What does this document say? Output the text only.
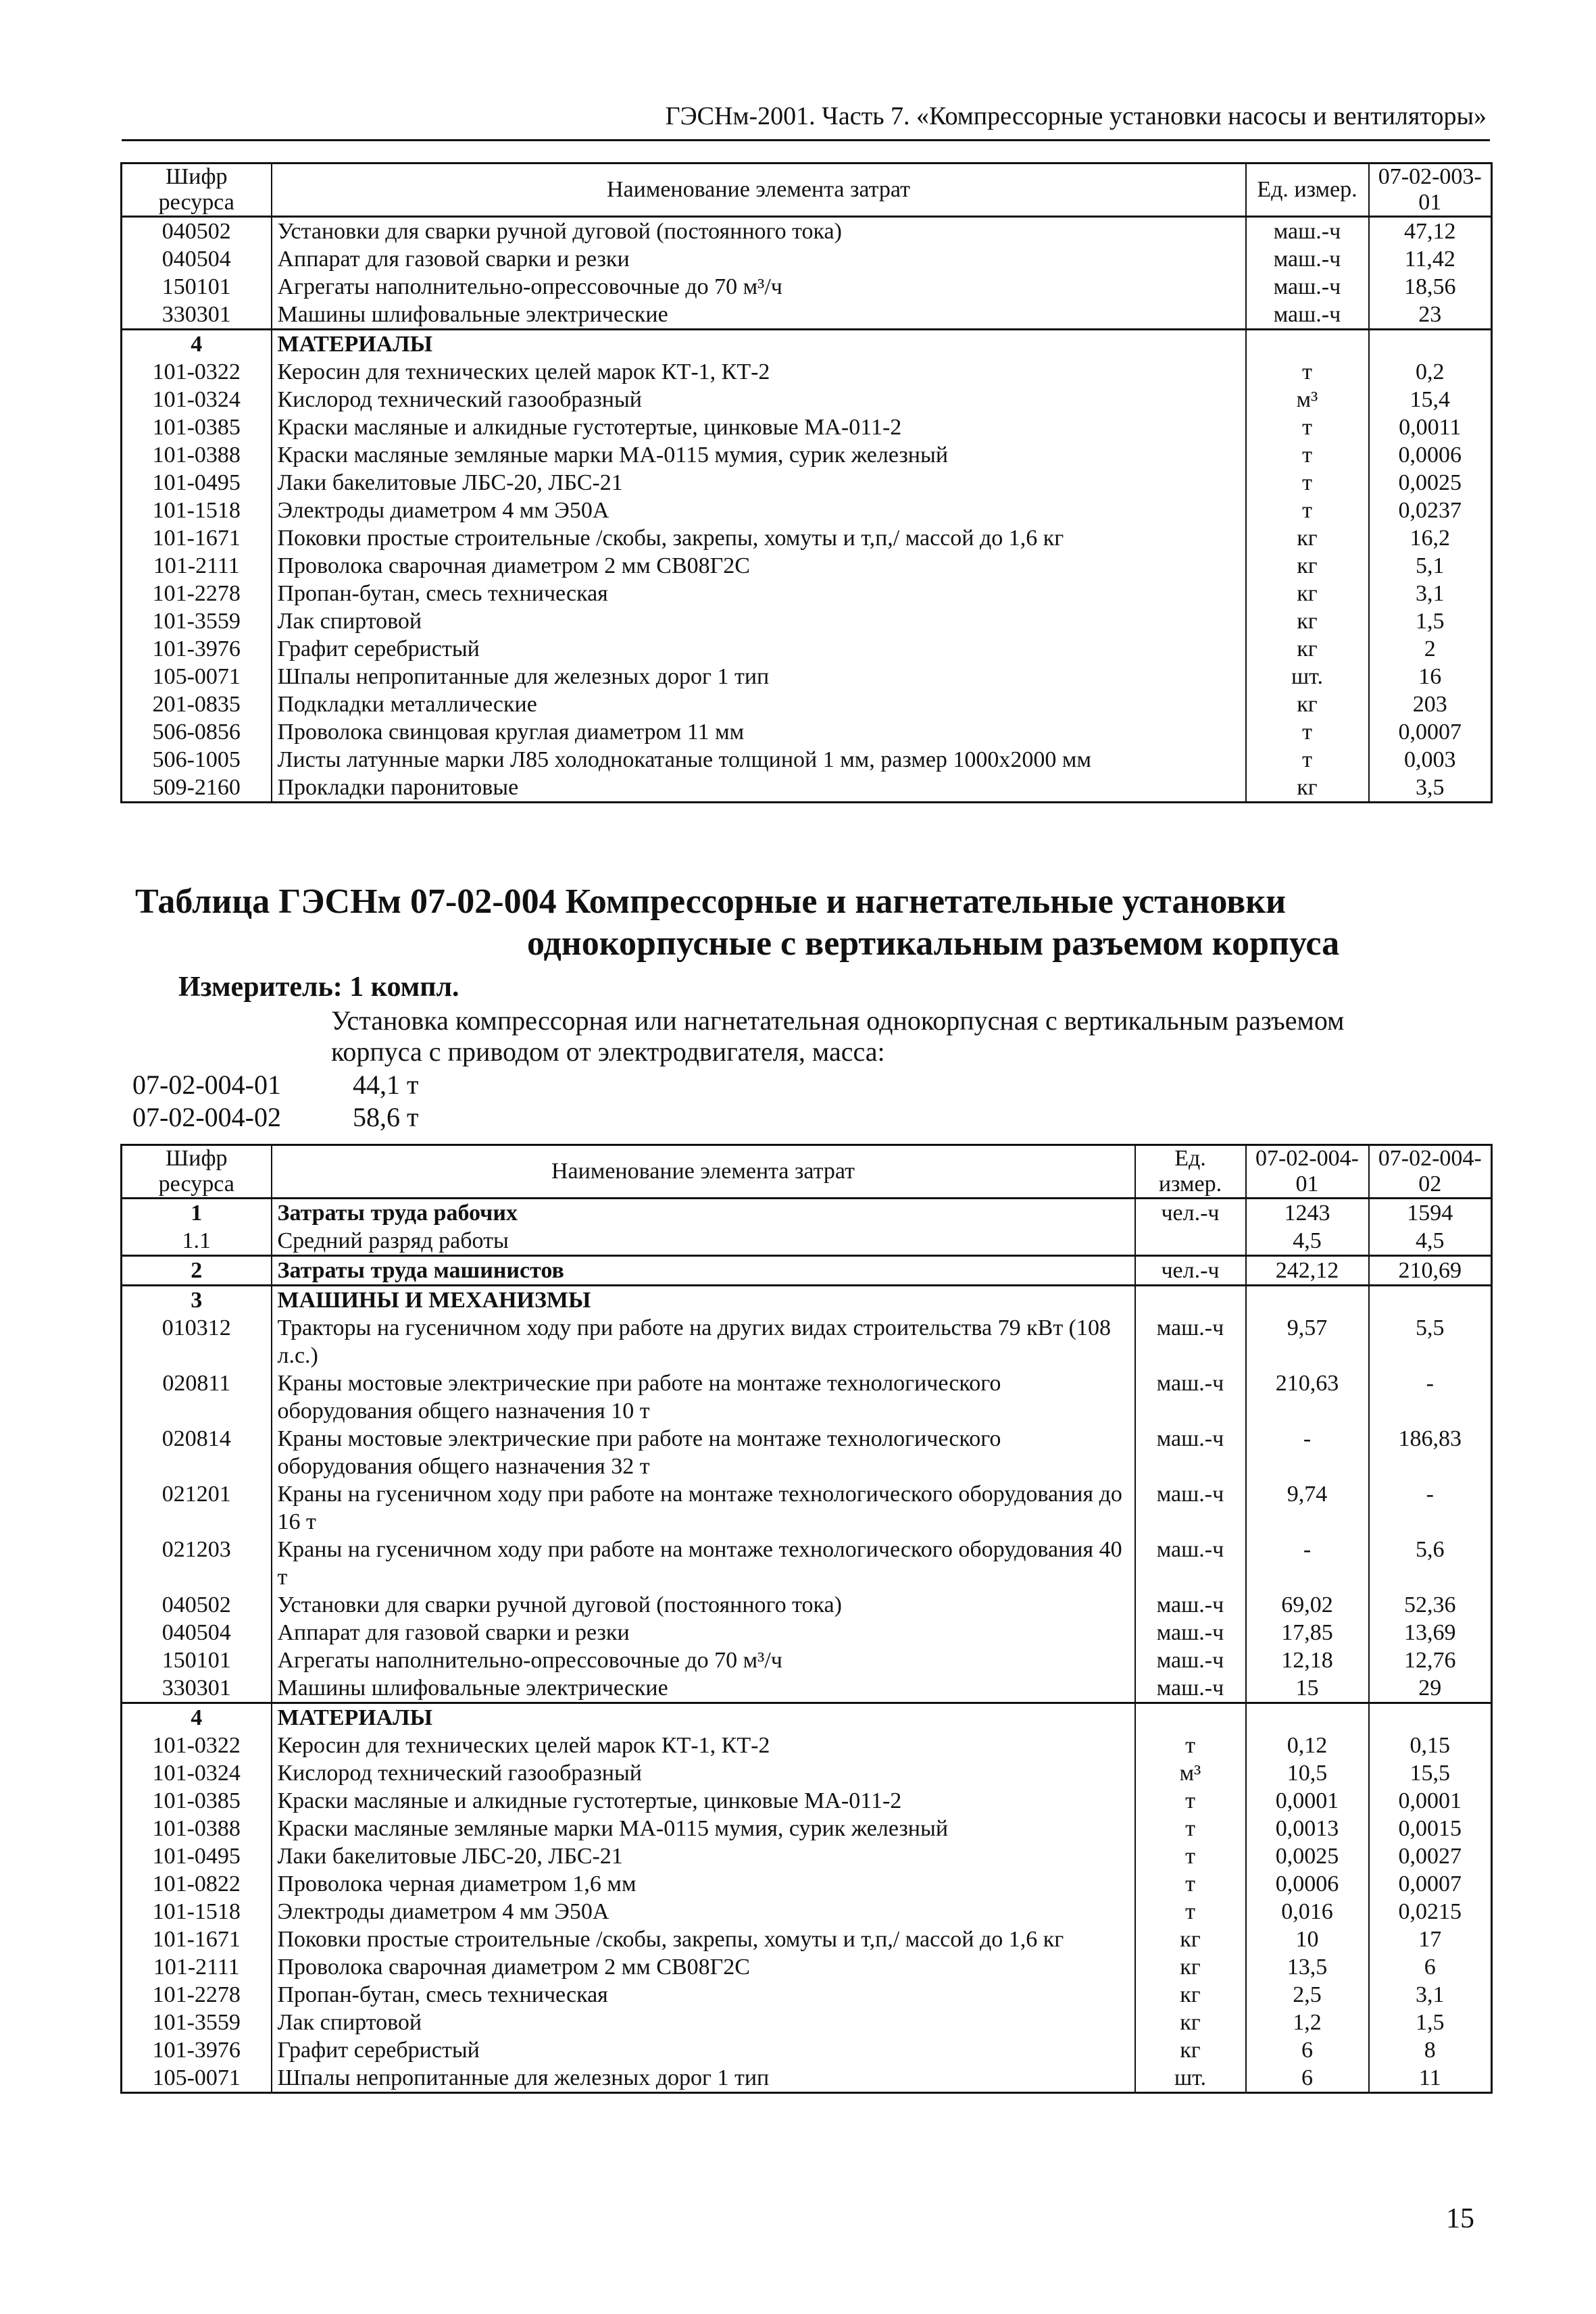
ГЭСНм-2001. Часть 7. «Компрессорные установки насосы и вентиляторы»
Шифр ресурса	Наименование элемента затрат	Ед. измер.	07-02-003-01
040502	Установки для сварки ручной дуговой (постоянного тока)	маш.-ч	47,12
040504	Аппарат для газовой сварки и резки	маш.-ч	11,42
150101	Агрегаты наполнительно-опрессовочные до 70 м³/ч	маш.-ч	18,56
330301	Машины шлифовальные электрические	маш.-ч	23
4	МАТЕРИАЛЫ		
101-0322	Керосин для технических целей марок КТ-1, КТ-2	т	0,2
101-0324	Кислород технический газообразный	м³	15,4
101-0385	Краски масляные и алкидные густотертые, цинковые МА-011-2	т	0,0011
101-0388	Краски масляные земляные марки МА-0115 мумия, сурик железный	т	0,0006
101-0495	Лаки бакелитовые ЛБС-20, ЛБС-21	т	0,0025
101-1518	Электроды диаметром 4 мм Э50А	т	0,0237
101-1671	Поковки простые строительные /скобы, закрепы, хомуты и т,п,/ массой до 1,6 кг	кг	16,2
101-2111	Проволока сварочная диаметром 2 мм СВ08Г2С	кг	5,1
101-2278	Пропан-бутан, смесь техническая	кг	3,1
101-3559	Лак спиртовой	кг	1,5
101-3976	Графит серебристый	кг	2
105-0071	Шпалы непропитанные для железных дорог 1 тип	шт.	16
201-0835	Подкладки металлические	кг	203
506-0856	Проволока свинцовая круглая диаметром 11 мм	т	0,0007
506-1005	Листы латунные марки Л85 холоднокатаные толщиной 1 мм, размер 1000x2000 мм	т	0,003
509-2160	Прокладки паронитовые	кг	3,5
Таблица ГЭСНм 07-02-004 Компрессорные и нагнетательные установки
однокорпусные с вертикальным разъемом корпуса
Измеритель: 1 компл.
Установка компрессорная или нагнетательная однокорпусная с вертикальным разъемом корпуса с приводом от электродвигателя, масса:
07-02-004-01	44,1 т
07-02-004-02	58,6 т
Шифр ресурса	Наименование элемента затрат	Ед. измер.	07-02-004-01	07-02-004-02
1	Затраты труда рабочих	чел.-ч	1243	1594
1.1	Средний разряд работы		4,5	4,5
2	Затраты труда машинистов	чел.-ч	242,12	210,69
3	МАШИНЫ И МЕХАНИЗМЫ			
010312	Тракторы на гусеничном ходу при работе на других видах строительства 79 кВт (108 л.с.)	маш.-ч	9,57	5,5
020811	Краны мостовые электрические при работе на монтаже технологического оборудования общего назначения 10 т	маш.-ч	210,63	-
020814	Краны мостовые электрические при работе на монтаже технологического оборудования общего назначения 32 т	маш.-ч	-	186,83
021201	Краны на гусеничном ходу при работе на монтаже технологического оборудования до 16 т	маш.-ч	9,74	-
021203	Краны на гусеничном ходу при работе на монтаже технологического оборудования 40 т	маш.-ч	-	5,6
040502	Установки для сварки ручной дуговой (постоянного тока)	маш.-ч	69,02	52,36
040504	Аппарат для газовой сварки и резки	маш.-ч	17,85	13,69
150101	Агрегаты наполнительно-опрессовочные до 70 м³/ч	маш.-ч	12,18	12,76
330301	Машины шлифовальные электрические	маш.-ч	15	29
4	МАТЕРИАЛЫ			
101-0322	Керосин для технических целей марок КТ-1, КТ-2	т	0,12	0,15
101-0324	Кислород технический газообразный	м³	10,5	15,5
101-0385	Краски масляные и алкидные густотертые, цинковые МА-011-2	т	0,0001	0,0001
101-0388	Краски масляные земляные марки МА-0115 мумия, сурик железный	т	0,0013	0,0015
101-0495	Лаки бакелитовые ЛБС-20, ЛБС-21	т	0,0025	0,0027
101-0822	Проволока черная диаметром 1,6 мм	т	0,0006	0,0007
101-1518	Электроды диаметром 4 мм Э50А	т	0,016	0,0215
101-1671	Поковки простые строительные /скобы, закрепы, хомуты и т,п,/ массой до 1,6 кг	кг	10	17
101-2111	Проволока сварочная диаметром 2 мм СВ08Г2С	кг	13,5	6
101-2278	Пропан-бутан, смесь техническая	кг	2,5	3,1
101-3559	Лак спиртовой	кг	1,2	1,5
101-3976	Графит серебристый	кг	6	8
105-0071	Шпалы непропитанные для железных дорог 1 тип	шт.	6	11
15
